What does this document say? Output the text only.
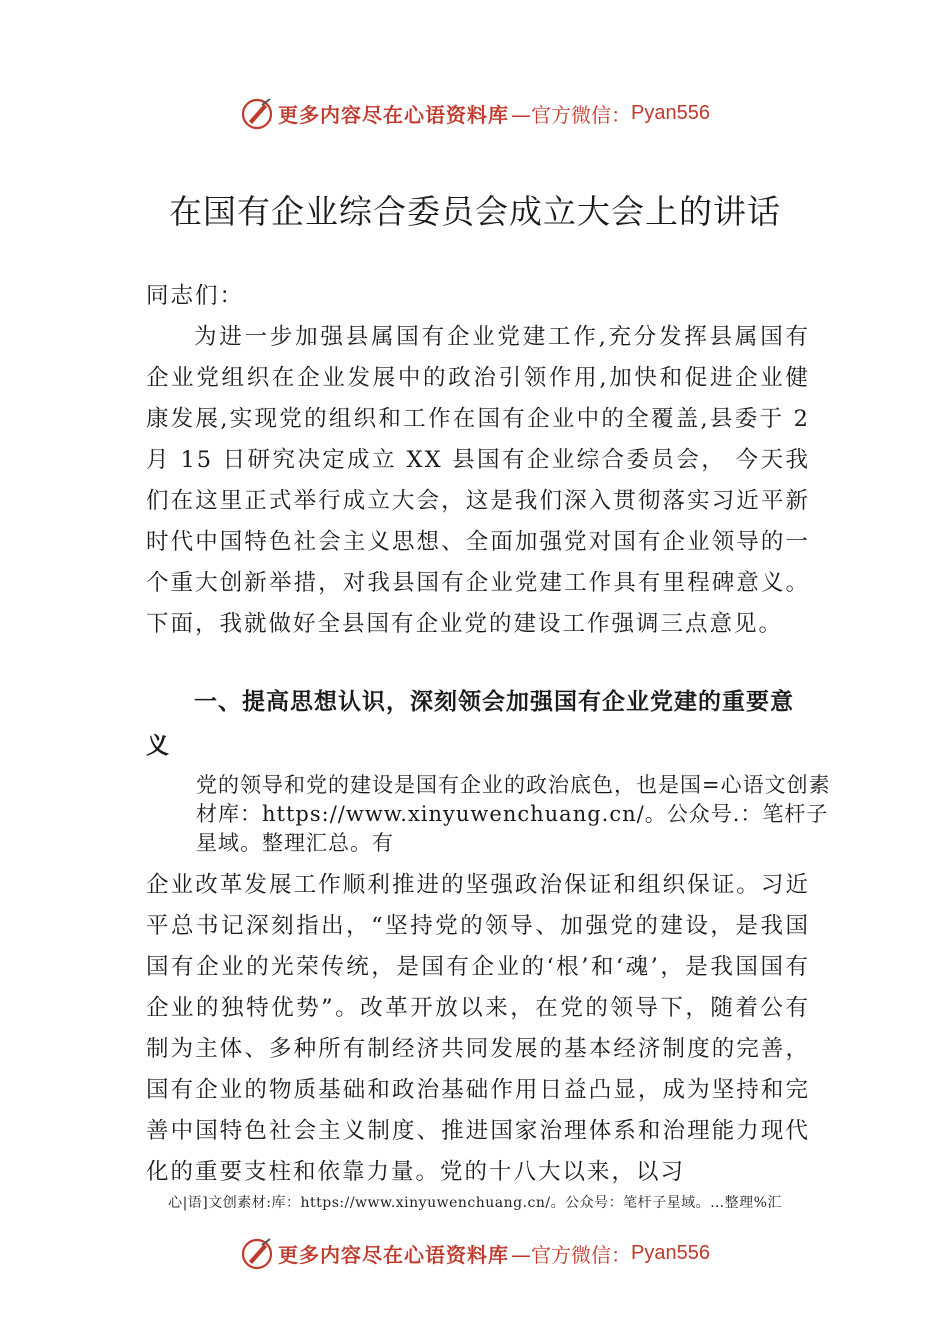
更多内容尽在心语资料库 —官方微信： Pyan556
在国有企业综合委员会成立大会上的讲话

同志们：

为进一步加强县属国有企业党建工作,充分发挥县属国有企业党组织在企业发展中的政治引领作用,加快和促进企业健康发展,实现党的组织和工作在国有企业中的全覆盖,县委于 2 月 15 日研究决定成立 XX 县国有企业综合委员会， 今天我们在这里正式举行成立大会，这是我们深入贯彻落实习近平新时代中国特色社会主义思想、全面加强党对国有企业领导的一个重大创新举措，对我县国有企业党建工作具有里程碑意义。下面，我就做好全县国有企业党的建设工作强调三点意见。

一、提高思想认识，深刻领会加强国有企业党建的重要意义

党的领导和党的建设是国有企业的政治底色，也是国=心语文创素材库：https://www.xinyuwenchuang.cn/。公众号.：笔杆子星域。整理汇总。有

企业改革发展工作顺利推进的坚强政治保证和组织保证。习近平总书记深刻指出，“坚持党的领导、加强党的建设，是我国国有企业的光荣传统，是国有企业的‘根’和‘魂’，是我国国有企业的独特优势”。改革开放以来，在党的领导下，随着公有制为主体、多种所有制经济共同发展的基本经济制度的完善，国有企业的物质基础和政治基础作用日益凸显，成为坚持和完善中国特色社会主义制度、推进国家治理体系和治理能力现代化的重要支柱和依靠力量。党的十八大以来，以习

心|语]文创素材:库：https://www.xinyuwenchuang.cn/。公众号：笔杆子星域。…整理%汇

更多内容尽在心语资料库 —官方微信： Pyan556
